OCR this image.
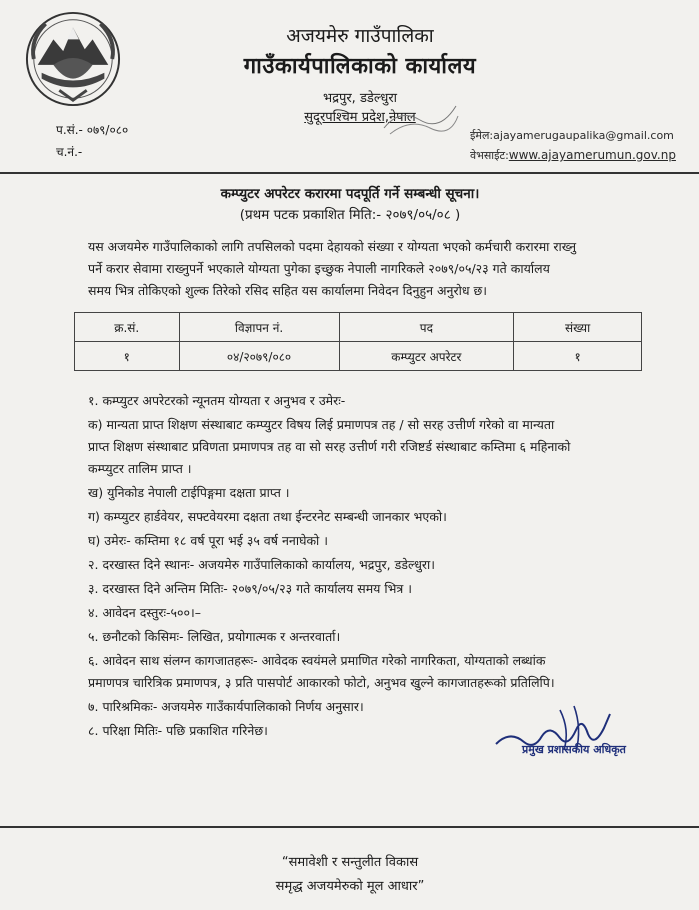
अजयमेरु गाउँपालिका
गाउँकार्यपालिकाको कार्यालय
भद्रपुर, डडेल्धुरा
सुदूरपश्चिम प्रदेश,नेपाल
प.सं.- ०७९/०८०
च.नं.-
ईमेल:ajayamerugaupalika@gmail.com
वेभसाईट:www.ajayamerumun.gov.np
कम्प्युटर अपरेटर करारमा पदपूर्ति गर्ने सम्बन्धी सूचना।
(प्रथम पटक प्रकाशित मिति:- २०७९/०५/०८ )
यस अजयमेरु गाउँपालिकाको लागि तपसिलको पदमा देहायको संख्या र योग्यता भएको कर्मचारी करारमा राख्नु
पर्ने करार सेवामा राख्नुपर्ने भएकाले योग्यता पुगेका इच्छुक नेपाली नागरिकले २०७९/०५/२३ गते कार्यालय
समय भित्र तोकिएको शुल्क तिरेको रसिद सहित यस कार्यालमा निवेदन दिनुहुन अनुरोध छ।
क्र.सं.	विज्ञापन नं.	पद	संख्या
१	०४/२०७९/०८०	कम्प्युटर अपरेटर	१
१. कम्प्युटर अपरेटरको न्यूनतम योग्यता र अनुभव र उमेरः-
क) मान्यता प्राप्त शिक्षण संस्थाबाट कम्प्युटर विषय लिई प्रमाणपत्र तह / सो सरह उत्तीर्ण गरेको वा मान्यता
प्राप्त शिक्षण संस्थाबाट प्रविणता प्रमाणपत्र तह वा सो सरह उत्तीर्ण गरी रजिष्टर्ड संस्थाबाट कम्तिमा ६ महिनाको
कम्प्युटर तालिम प्राप्त ।
ख) युनिकोड नेपाली टाईपिङ्गमा दक्षता प्राप्त ।
ग) कम्प्युटर हार्डवेयर, सफ्टवेयरमा दक्षता तथा ईन्टरनेट सम्बन्धी जानकार भएको।
घ) उमेरः- कम्तिमा १८ वर्ष पूरा भई ३५ वर्ष ननाघेको ।
२. दरखास्त दिने स्थानः- अजयमेरु गाउँपालिकाको कार्यालय, भद्रपुर, डडेल्धुरा।
३. दरखास्त दिने अन्तिम मितिः- २०७९/०५/२३ गते कार्यालय समय भित्र ।
४. आवेदन दस्तुरः-५००।–
५. छनौटको किसिमः- लिखित, प्रयोगात्मक र अन्तरवार्ता।
६. आवेदन साथ संलग्न कागजातहरूः- आवेदक स्वयंमले प्रमाणित गरेको नागरिकता, योग्यताको लब्धांक
प्रमाणपत्र चारित्रिक प्रमाणपत्र, ३ प्रति पासपोर्ट आकारको फोटो, अनुभव खुल्ने कागजातहरूको प्रतिलिपि।
७. पारिश्रमिकः- अजयमेरु गाउँकार्यपालिकाको निर्णय अनुसार।
८. परिक्षा मितिः- पछि प्रकाशित गरिनेछ।
प्रमुख प्रशासकीय अधिकृत
“समावेशी र सन्तुलीत विकास
समृद्ध अजयमेरुको मूल आधार”
